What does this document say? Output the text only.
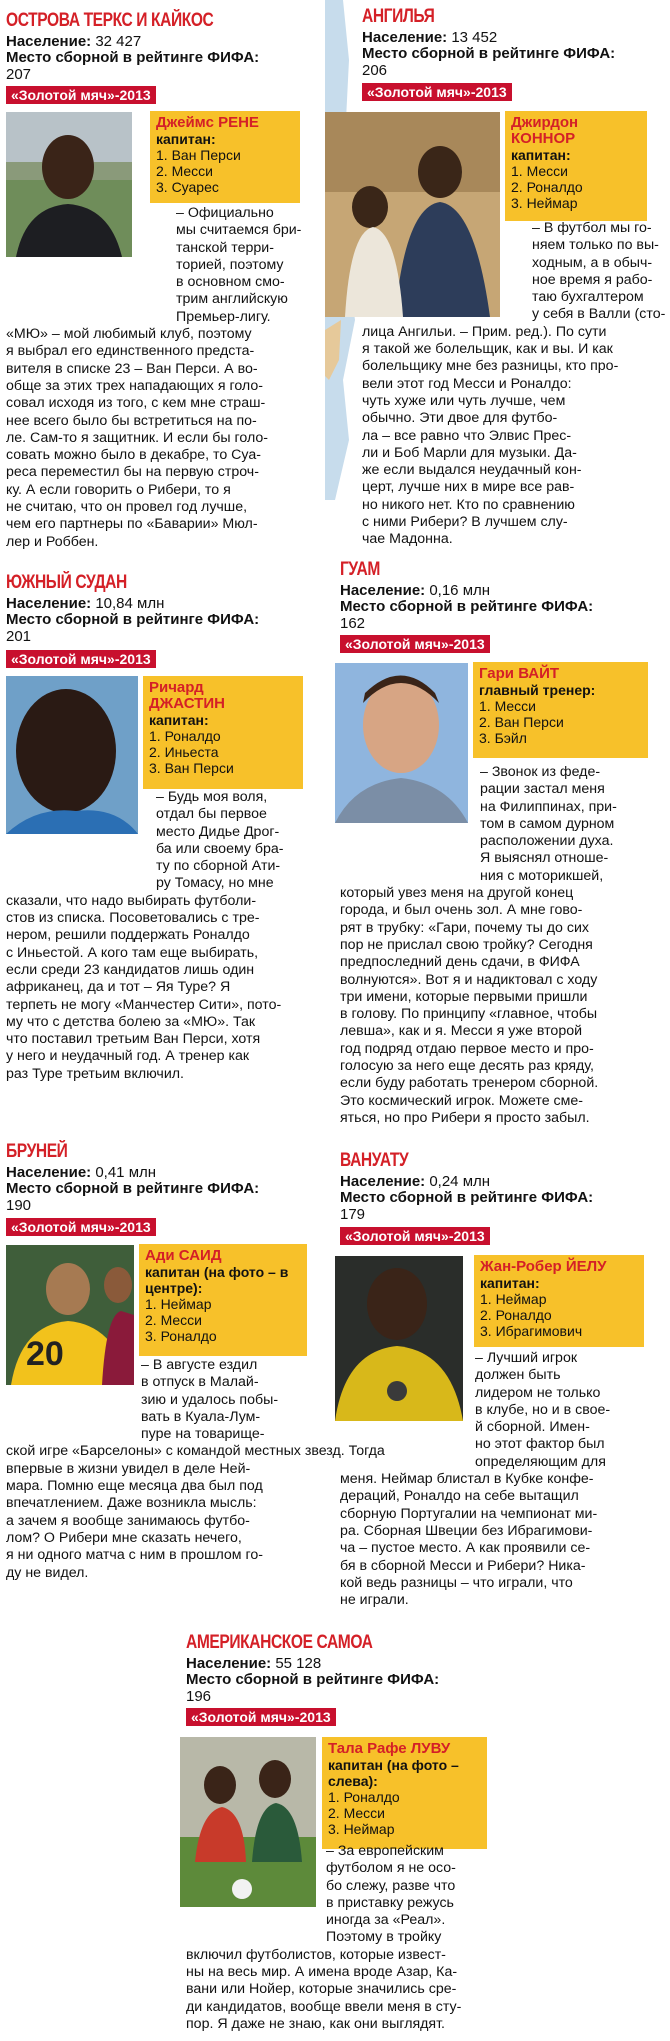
ОСТРОВА ТЕРКС И КАЙКОС
Население: 32 427
Место сборной в рейтинге ФИФА:
207
«Золотой мяч»-2013
Джеймс РЕНЕ
капитан:
1. Ван Перси
2. Месси
3. Суарес
– Официально
мы считаемся бри-
танской терри-
торией, поэтому
в основном смо-
трим английскую
Премьер-лигу.
«МЮ» – мой любимый клуб, поэтому
я выбрал его единственного предста-
вителя в списке 23 – Ван Перси. А во-
обще за этих трех нападающих я голо-
совал исходя из того, с кем мне страш-
нее всего было бы встретиться на по-
ле. Сам-то я защитник. И если бы голо-
совать можно было в декабре, то Суа-
реса переместил бы на первую строч-
ку. А если говорить о Рибери, то я
не считаю, что он провел год лучше,
чем его партнеры по «Баварии» Мюл-
лер и Роббен.
АНГИЛЬЯ
Население: 13 452
Место сборной в рейтинге ФИФА:
206
«Золотой мяч»-2013
Джирдон
КОННОР
капитан:
1. Месси
2. Роналдо
3. Неймар
– В футбол мы го-
няем только по вы-
ходным, а в обыч-
ное время я рабо-
таю бухгалтером
у себя в Валли (сто-
лица Ангильи. – Прим. ред.). По сути
я такой же болельщик, как и вы. И как
болельщику мне без разницы, кто про-
вели этот год Месси и Роналдо:
чуть хуже или чуть лучше, чем
обычно. Эти двое для футбо-
ла – все равно что Элвис Прес-
ли и Боб Марли для музыки. Да-
же если выдался неудачный кон-
церт, лучше них в мире все рав-
но никого нет. Кто по сравнению
с ними Рибери? В лучшем слу-
чае Мадонна.
ЮЖНЫЙ СУДАН
Население: 10,84 млн
Место сборной в рейтинге ФИФА:
201
«Золотой мяч»-2013
Ричард
ДЖАСТИН
капитан:
1. Роналдо
2. Иньеста
3. Ван Перси
– Будь моя воля,
отдал бы первое
место Дидье Дрог-
ба или своему бра-
ту по сборной Ати-
ру Томасу, но мне
сказали, что надо выбирать футболи-
стов из списка. Посоветовались с тре-
нером, решили поддержать Роналдо
с Иньестой. А кого там еще выбирать,
если среди 23 кандидатов лишь один
африканец, да и тот – Яя Туре? Я
терпеть не могу «Манчестер Сити», пото-
му что с детства болею за «МЮ». Так
что поставил третьим Ван Перси, хотя
у него и неудачный год. А тренер как
раз Туре третьим включил.
ГУАМ
Население: 0,16 млн
Место сборной в рейтинге ФИФА:
162
«Золотой мяч»-2013
Гари ВАЙТ
главный тренер:
1. Месси
2. Ван Перси
3. Бэйл
– Звонок из феде-
рации застал меня
на Филиппинах, при-
том в самом дурном
расположении духа.
Я выяснял отноше-
ния с моторикшей,
который увез меня на другой конец
города, и был очень зол. А мне гово-
рят в трубку: «Гари, почему ты до сих
пор не прислал свою тройку? Сегодня
предпоследний день сдачи, в ФИФА
волнуются». Вот я и надиктовал с ходу
три имени, которые первыми пришли
в голову. По принципу «главное, чтобы
левша», как и я. Месси я уже второй
год подряд отдаю первое место и про-
голосую за него еще десять раз кряду,
если буду работать тренером сборной.
Это космический игрок. Можете сме-
яться, но про Рибери я просто забыл.
БРУНЕЙ
Население: 0,41 млн
Место сборной в рейтинге ФИФА:
190
«Золотой мяч»-2013
20
Ади САИД
капитан (на фото – в центре):
1. Неймар
2. Месси
3. Роналдо
– В августе ездил
в отпуск в Малай-
зию и удалось побы-
вать в Куала-Лум-
пуре на товарище-
ской игре «Барселоны» с командой местных звезд. Тогда
впервые в жизни увидел в деле Ней-
мара. Помню еще месяца два был под
впечатлением. Даже возникла мысль:
а зачем я вообще занимаюсь футбо-
лом? О Рибери мне сказать нечего,
я ни одного матча с ним в прошлом го-
ду не видел.
ВАНУАТУ
Население: 0,24 млн
Место сборной в рейтинге ФИФА:
179
«Золотой мяч»-2013
Жан-Робер ЙЕЛУ
капитан:
1. Неймар
2. Роналдо
3. Ибрагимович
– Лучший игрок
должен быть
лидером не только
в клубе, но и в свое-
й сборной. Имен-
но этот фактор был
определяющим для
меня. Неймар блистал в Кубке конфе-
дераций, Роналдо на себе вытащил
сборную Португалии на чемпионат ми-
ра. Сборная Швеции без Ибрагимови-
ча – пустое место. А как проявили се-
бя в сборной Месси и Рибери? Ника-
кой ведь разницы – что играли, что
не играли.
АМЕРИКАНСКОЕ САМОА
Население: 55 128
Место сборной в рейтинге ФИФА:
196
«Золотой мяч»-2013
Тала Рафе ЛУВУ
капитан (на фото – слева):
1. Роналдо
2. Месси
3. Неймар
– За европейским
футболом я не осо-
бо слежу, разве что
в приставку режусь
иногда за «Реал».
Поэтому в тройку
включил футболистов, которые извест-
ны на весь мир. А имена вроде Азар, Ка-
вани или Нойер, которые значились сре-
ди кандидатов, вообще ввели меня в сту-
пор. Я даже не знаю, как они выглядят.
